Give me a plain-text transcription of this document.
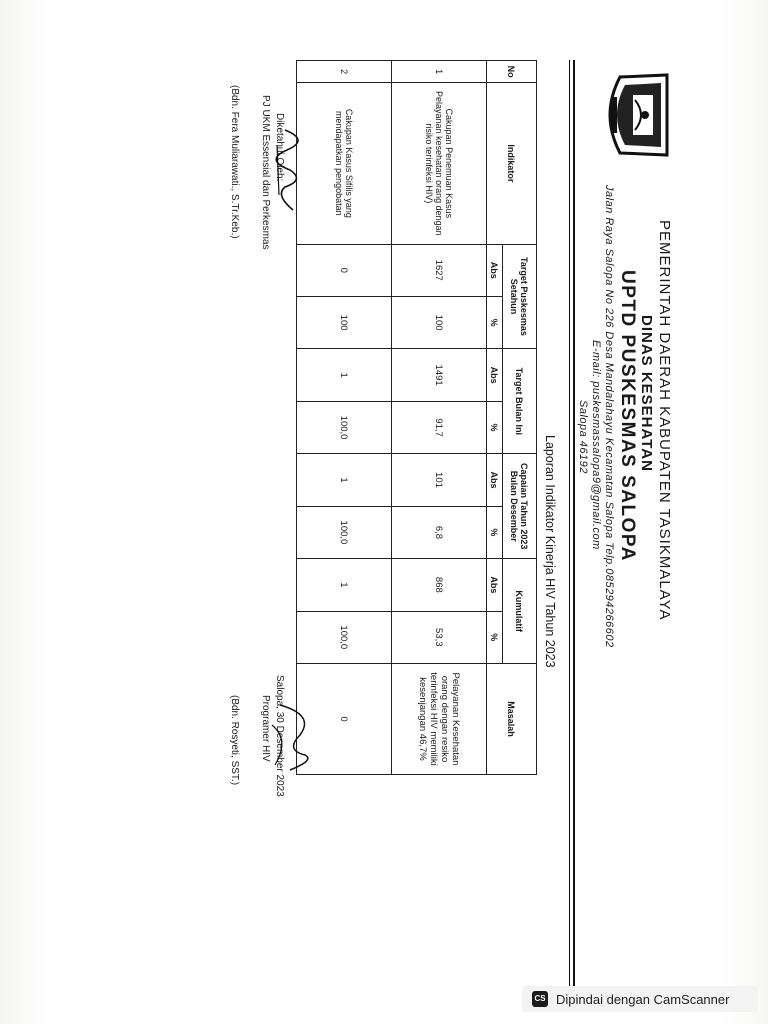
PEMERINTAH DAERAH KABUPATEN TASIKMALAYA
DINAS KESEHATAN
UPTD PUSKESMAS SALOPA
Jalan Raya Salopa No 226 Desa Mandalahayu Kecamatan Salopa Telp.085294266602
E-mail: puskesmassalopa9@gmail.com
Salopa 46192
Laporan Indikator Kinerja HIV Tahun 2023
No	Indikator	Target Puskesmas Setahun		Target Bulan Ini		Capaian Tahun 2023 Bulan Desember		Kumulatif		Masalah
		Abs	%	Abs	%	Abs	%	Abs	%	
1	Cakupan Penemuan Kasus Pelayanan kesehatan orang dengan risiko terinfeksi HIV)	1627	100	1491	91,7	101	6,8	868	53,3	Pelayanan Kesehatan orang dengan resiko terinfeksi HIV memiliki kesenjangan 46,7%
2	Cakupan Kasus Sifilis yang mendapatkan pengobatan	0	100	1	100,0	1	100,0	1	100,0	0
Diketahui Oleh:
PJ UKM Essensial dan Perkesmas
Salopa, 30 Desember 2023
Programer HIV
(Bdn. Fera Muliarawati., S.Tr.Keb.)
(Bdn. Rosyeti, SST.)
CS Dipindai dengan CamScanner
